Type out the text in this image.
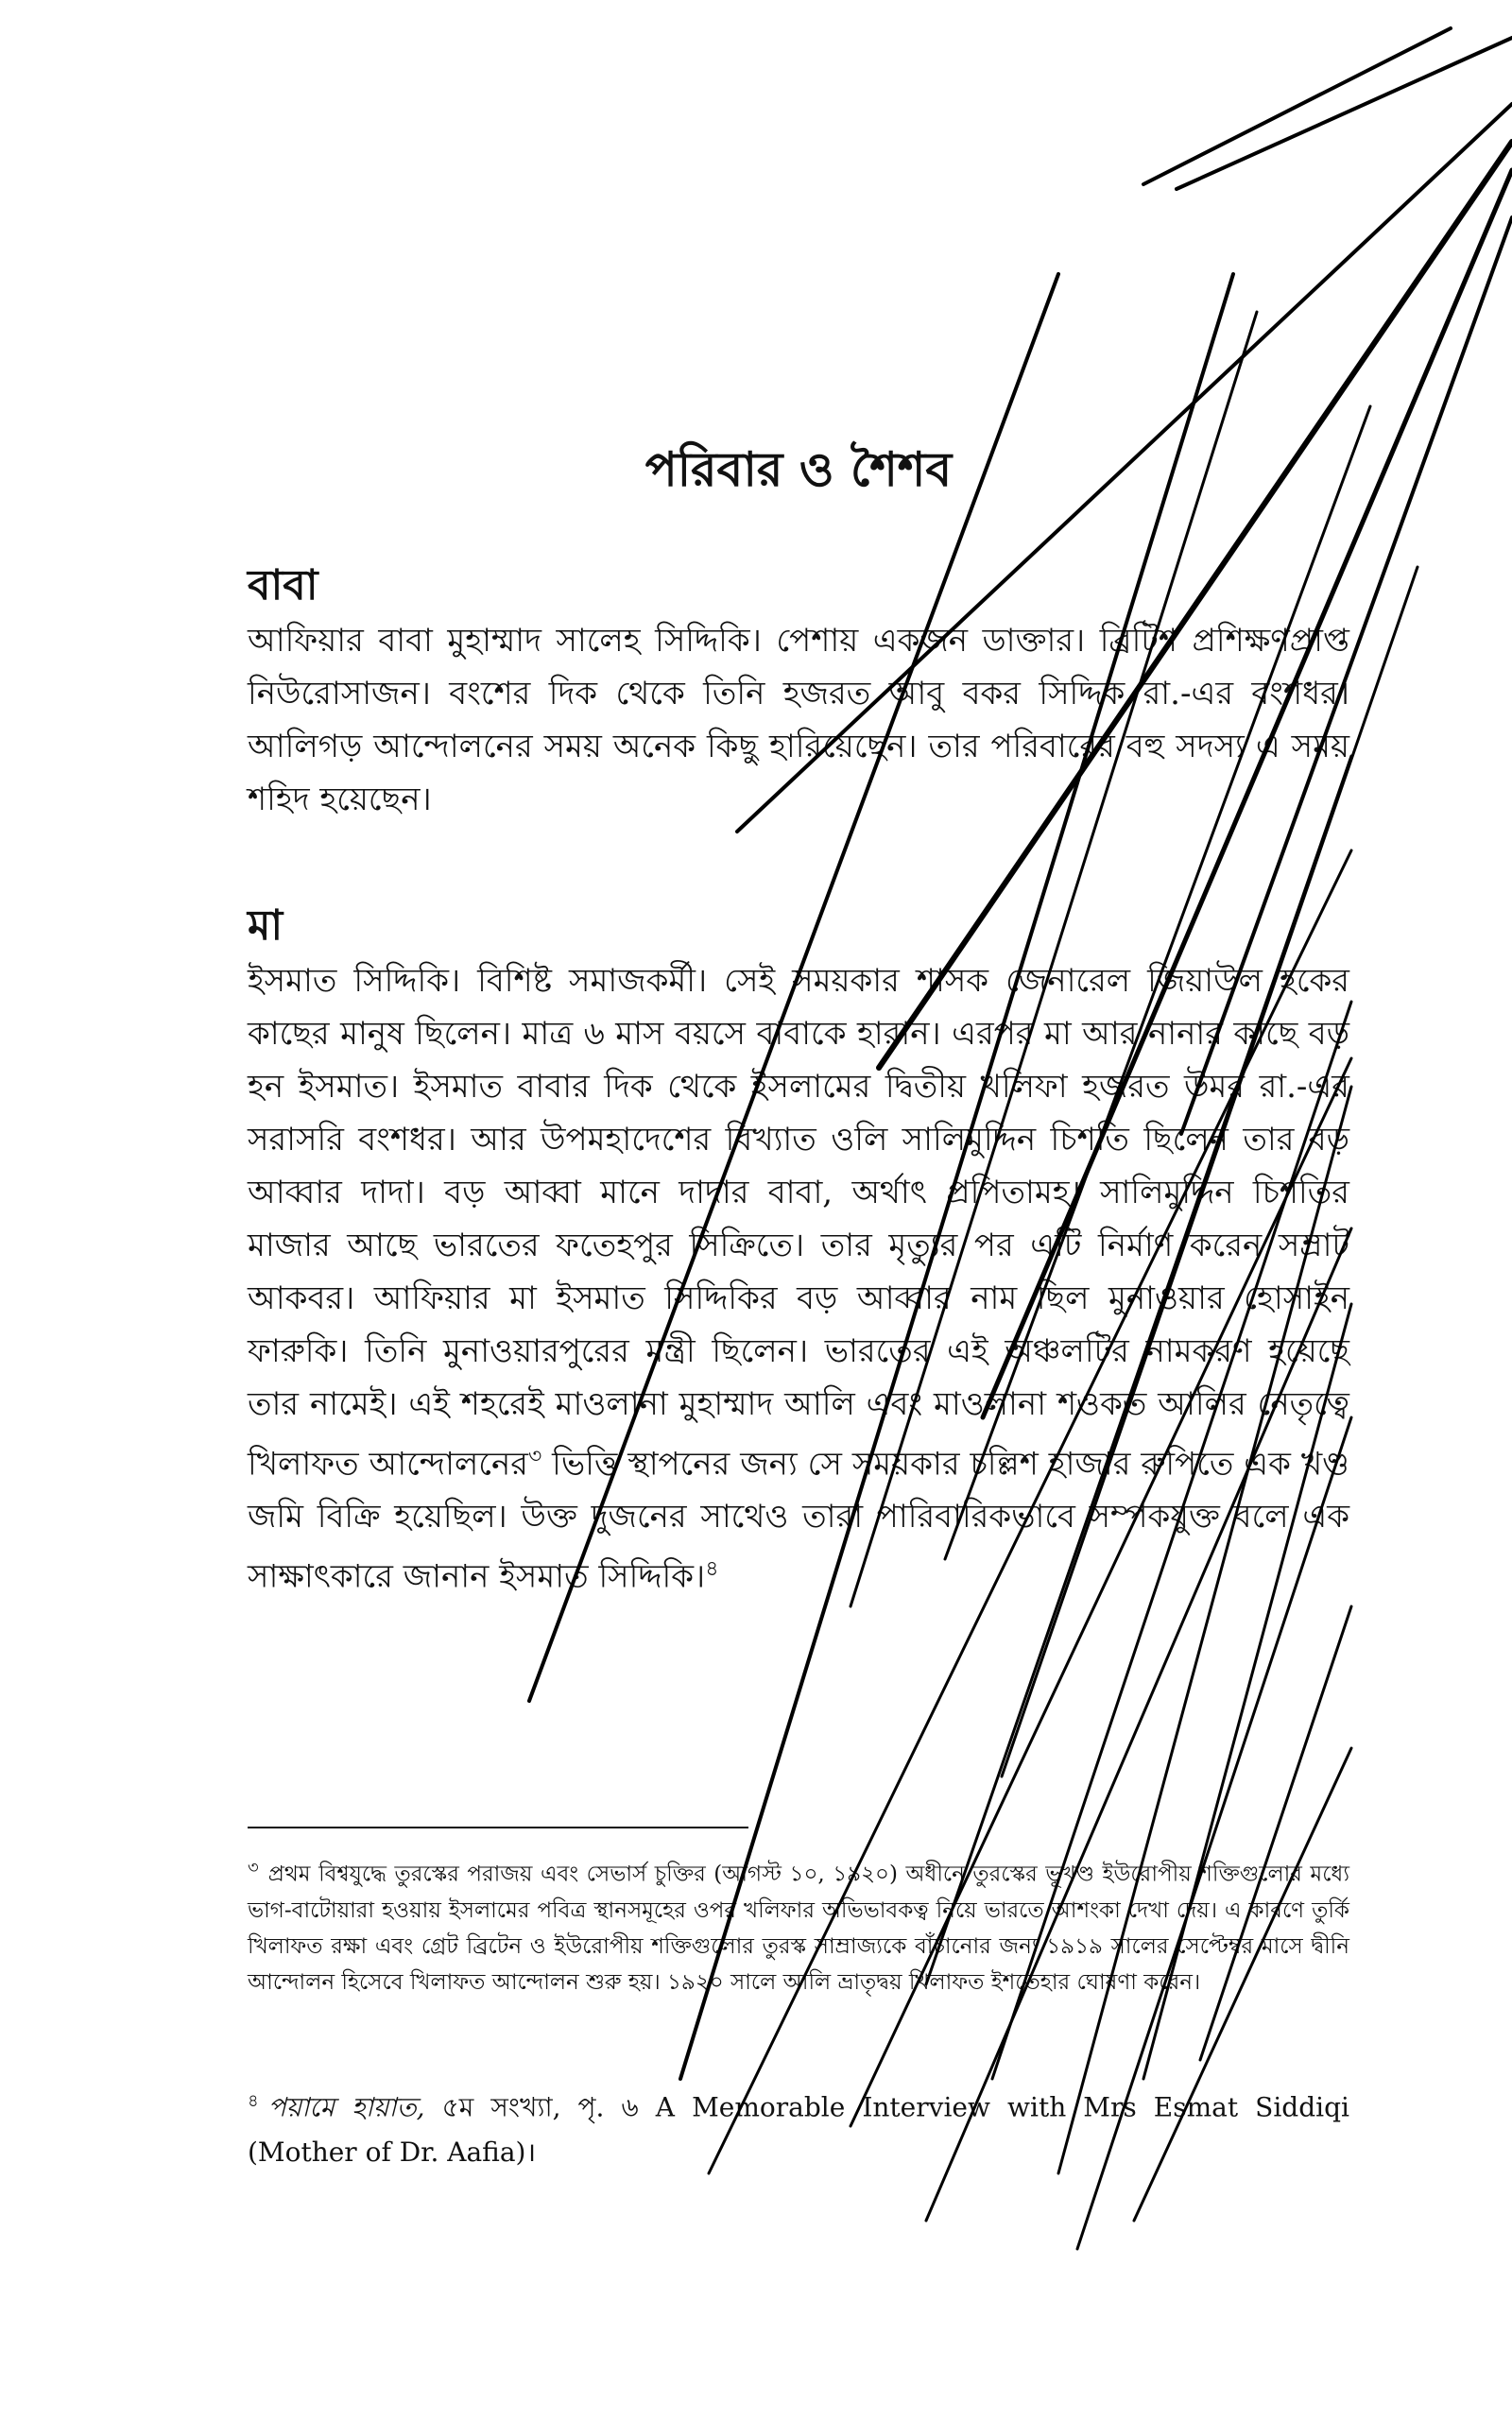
পরিবার ও শৈশব
বাবা
আফিয়ার বাবা মুহাম্মাদ সালেহ সিদ্দিকি। পেশায় একজন ডাক্তার। ব্রিটিশ প্রশিক্ষণপ্রাপ্ত নিউরোসাজন। বংশের দিক থেকে তিনি হজরত আবু বকর সিদ্দিক রা.-এর বংশধর। আলিগড় আন্দোলনের সময় অনেক কিছু হারিয়েছেন। তার পরিবারের বহু সদস্য এ সময় শহিদ হয়েছেন।
মা
ইসমাত সিদ্দিকি। বিশিষ্ট সমাজকর্মী। সেই সময়কার শাসক জেনারেল জিয়াউল হকের কাছের মানুষ ছিলেন। মাত্র ৬ মাস বয়সে বাবাকে হারান। এরপর মা আর নানার কাছে বড় হন ইসমাত। ইসমাত বাবার দিক থেকে ইসলামের দ্বিতীয় খলিফা হজরত উমর রা.-এর সরাসরি বংশধর। আর উপমহাদেশের বিখ্যাত ওলি সালিমুদ্দিন চিশতি ছিলেন তার বড় আব্বার দাদা। বড় আব্বা মানে দাদার বাবা, অর্থাৎ প্রপিতামহ। সালিমুদ্দিন চিশতির মাজার আছে ভারতের ফতেহপুর সিক্রিতে। তার মৃত্যুর পর এটি নির্মাণ করেন সম্রাট আকবর। আফিয়ার মা ইসমাত সিদ্দিকির বড় আব্বার নাম ছিল মুনাওয়ার হোসাইন ফারুকি। তিনি মুনাওয়ারপুরের মন্ত্রী ছিলেন। ভারতের এই অঞ্চলটির নামকরণ হয়েছে তার নামেই। এই শহরেই মাওলানা মুহাম্মাদ আলি এবং মাওলানা শওকত আলির নেতৃত্বে খিলাফত আন্দোলনের$^৩$ ভিত্তি স্থাপনের জন্য সে সময়কার চল্লিশ হাজার রুপিতে এক খণ্ড জমি বিক্রি হয়েছিল। উক্ত দুজনের সাথেও তারা পারিবারিকভাবে সম্পকযুক্ত বলে এক সাক্ষাৎকারে জানান ইসমাত সিদ্দিকি।$^৪$
$^৩$ প্রথম বিশ্বযুদ্ধে তুরস্কের পরাজয় এবং সেভার্স চুক্তির (আগস্ট ১০, ১৯২০) অধীনে তুরস্কের ভূখণ্ড ইউরোপীয় শক্তিগুলোর মধ্যে ভাগ-বাটোয়ারা হওয়ায় ইসলামের পবিত্র স্থানসমূহের ওপর খলিফার অভিভাবকত্ব নিয়ে ভারতে আশংকা দেখা দেয়। এ কারণে তুর্কি খিলাফত রক্ষা এবং গ্রেট ব্রিটেন ও ইউরোপীয় শক্তিগুলোর তুরস্ক সাম্রাজ্যকে বাঁচানোর জন্য ১৯১৯ সালের সেপ্টেম্বর মাসে দ্বীনি আন্দোলন হিসেবে খিলাফত আন্দোলন শুরু হয়। ১৯২০ সালে আলি ভ্রাতৃদ্বয় খিলাফত ইশতেহার ঘোষণা করেন।
$^৪$ পয়ামে হায়াত, ৫ম সংখ্যা, পৃ. ৬ A Memorable Interview with Mrs Esmat Siddiqi (Mother of Dr. Aafia)।
